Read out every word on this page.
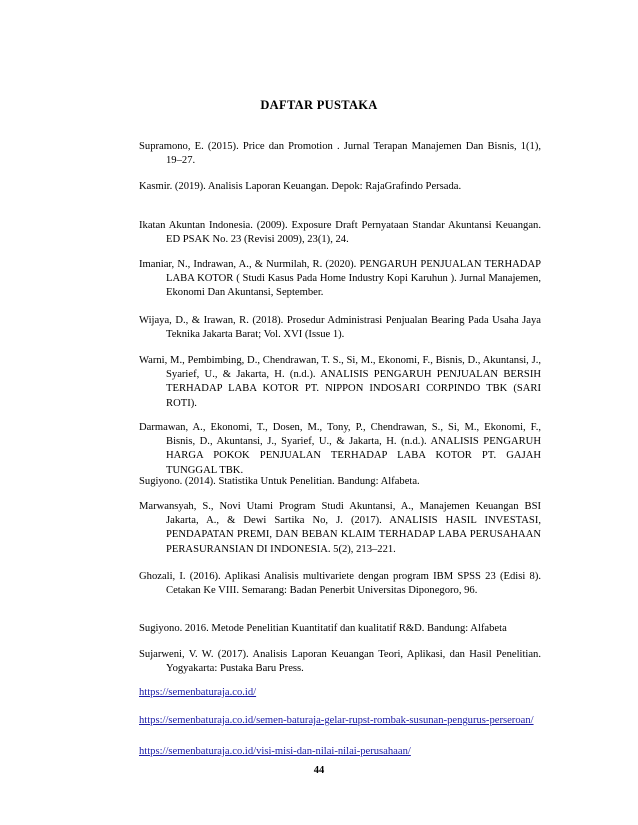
DAFTAR PUSTAKA

Supramono, E. (2015). Price dan Promotion . Jurnal Terapan Manajemen Dan Bisnis, 1(1), 19–27.

Kasmir. (2019). Analisis Laporan Keuangan. Depok: RajaGrafindo Persada.

Ikatan Akuntan Indonesia. (2009). Exposure Draft Pernyataan Standar Akuntansi Keuangan. ED PSAK No. 23 (Revisi 2009), 23(1), 24.

Imaniar, N., Indrawan, A., & Nurmilah, R. (2020). PENGARUH PENJUALAN TERHADAP LABA KOTOR ( Studi Kasus Pada Home Industry Kopi Karuhun ). Jurnal Manajemen, Ekonomi Dan Akuntansi, September.

Wijaya, D., & Irawan, R. (2018). Prosedur Administrasi Penjualan Bearing Pada Usaha Jaya Teknika Jakarta Barat; Vol. XVI (Issue 1).

Warni, M., Pembimbing, D., Chendrawan, T. S., Si, M., Ekonomi, F., Bisnis, D., Akuntansi, J., Syarief, U., & Jakarta, H. (n.d.). ANALISIS PENGARUH PENJUALAN BERSIH TERHADAP LABA KOTOR PT. NIPPON INDOSARI CORPINDO TBK (SARI ROTI).

Darmawan, A., Ekonomi, T., Dosen, M., Tony, P., Chendrawan, S., Si, M., Ekonomi, F., Bisnis, D., Akuntansi, J., Syarief, U., & Jakarta, H. (n.d.). ANALISIS PENGARUH HARGA POKOK PENJUALAN TERHADAP LABA KOTOR PT. GAJAH TUNGGAL TBK.

Sugiyono. (2014). Statistika Untuk Penelitian. Bandung: Alfabeta.

Marwansyah, S., Novi Utami Program Studi Akuntansi, A., Manajemen Keuangan BSI Jakarta, A., & Dewi Sartika No, J. (2017). ANALISIS HASIL INVESTASI, PENDAPATAN PREMI, DAN BEBAN KLAIM TERHADAP LABA PERUSAHAAN PERASURANSIAN DI INDONESIA. 5(2), 213–221.

Ghozali, I. (2016). Aplikasi Analisis multivariete dengan program IBM SPSS 23 (Edisi 8). Cetakan Ke VIII. Semarang: Badan Penerbit Universitas Diponegoro, 96.

Sugiyono. 2016. Metode Penelitian Kuantitatif dan kualitatif R&D. Bandung: Alfabeta

Sujarweni, V. W. (2017). Analisis Laporan Keuangan Teori, Aplikasi, dan Hasil Penelitian. Yogyakarta: Pustaka Baru Press.

https://semenbaturaja.co.id/

https://semenbaturaja.co.id/semen-baturaja-gelar-rupst-rombak-susunan-pengurus-perseroan/

https://semenbaturaja.co.id/visi-misi-dan-nilai-nilai-perusahaan/

44
